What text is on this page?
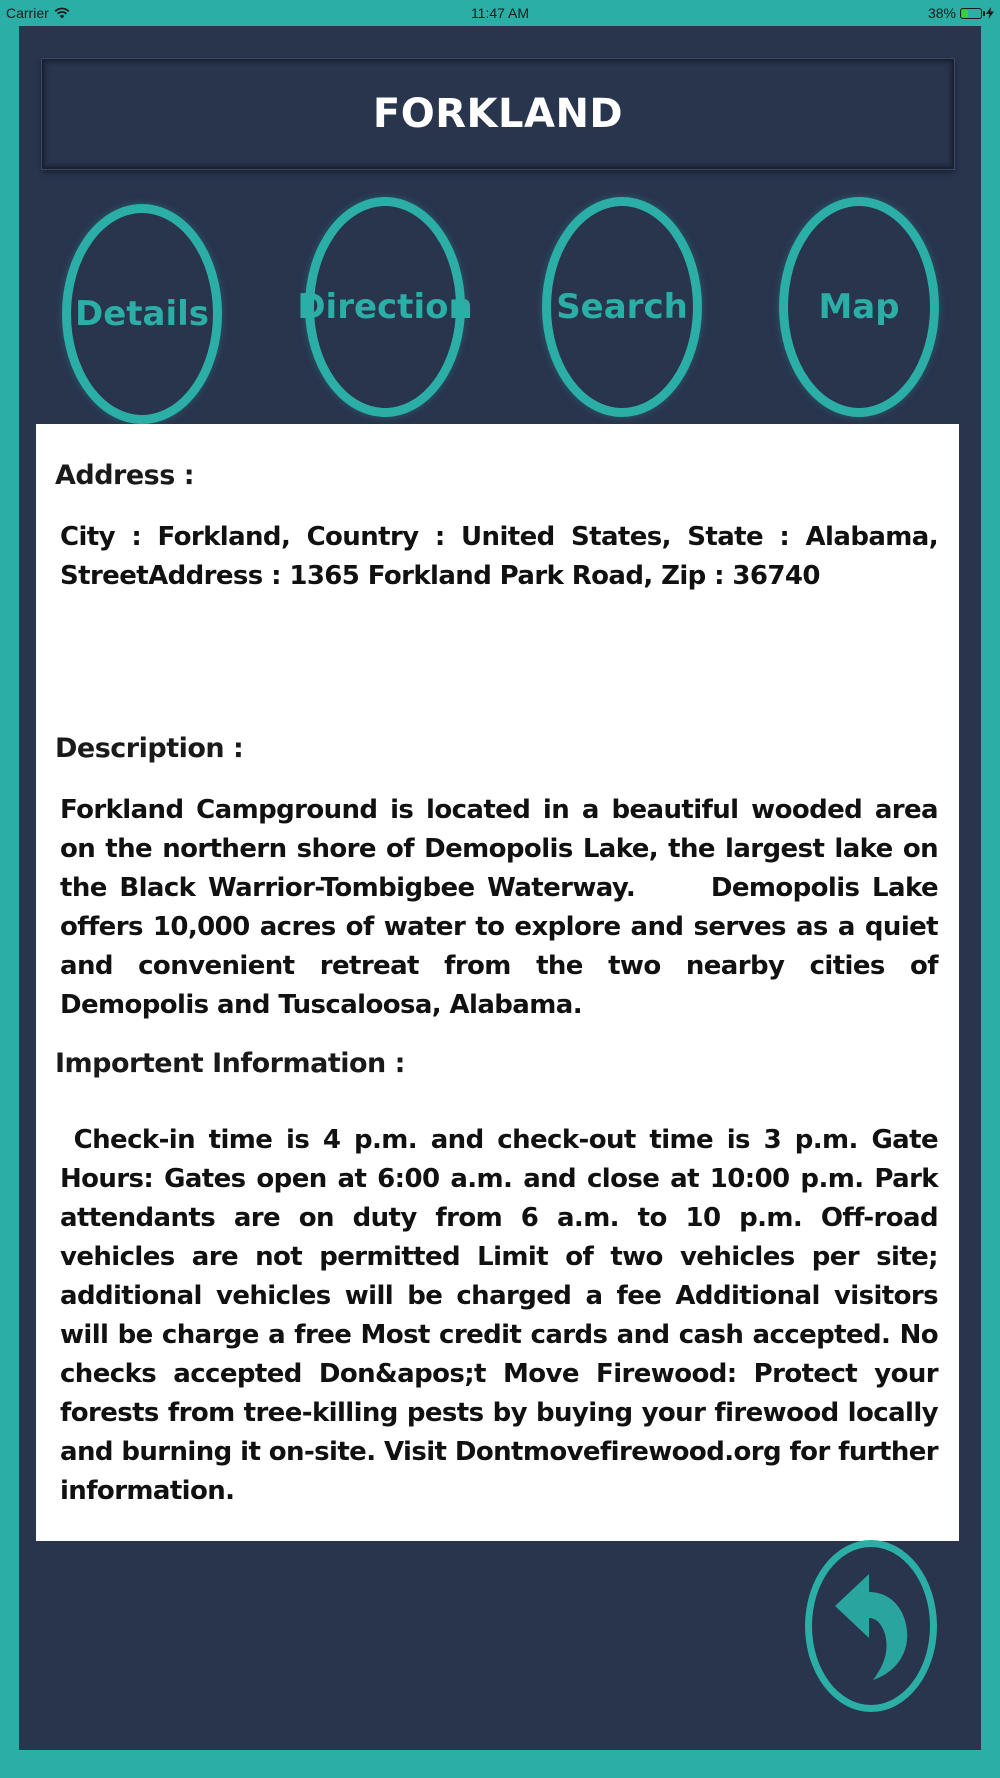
Carrier	11:47 AM	38%
FORKLAND
Details	Direction Search	Map
Address :
City : Forkland, Country : United States, State : Alabama, StreetAddress : 1365 Forkland Park Road, Zip : 36740
Description :
Forkland Campground is located in a beautiful wooded area on the northern shore of Demopolis Lake, the largest lake on the Black Warrior-Tombigbee Waterway.      Demopolis Lake offers 10,000 acres of water to explore and serves as a quiet and convenient retreat from the two nearby cities of Demopolis and Tuscaloosa, Alabama.
Importent Information :
Check-in time is 4 p.m. and check-out time is 3 p.m. Gate Hours: Gates open at 6:00 a.m. and close at 10:00 p.m. Park attendants are on duty from 6 a.m. to 10 p.m. Off-road vehicles are not permitted Limit of two vehicles per site; additional vehicles will be charged a fee Additional visitors will be charge a free Most credit cards and cash accepted. No checks accepted Don&apos;t Move Firewood: Protect your forests from tree-killing pests by buying your firewood locally and burning it on-site. Visit Dontmovefirewood.org for further information.
